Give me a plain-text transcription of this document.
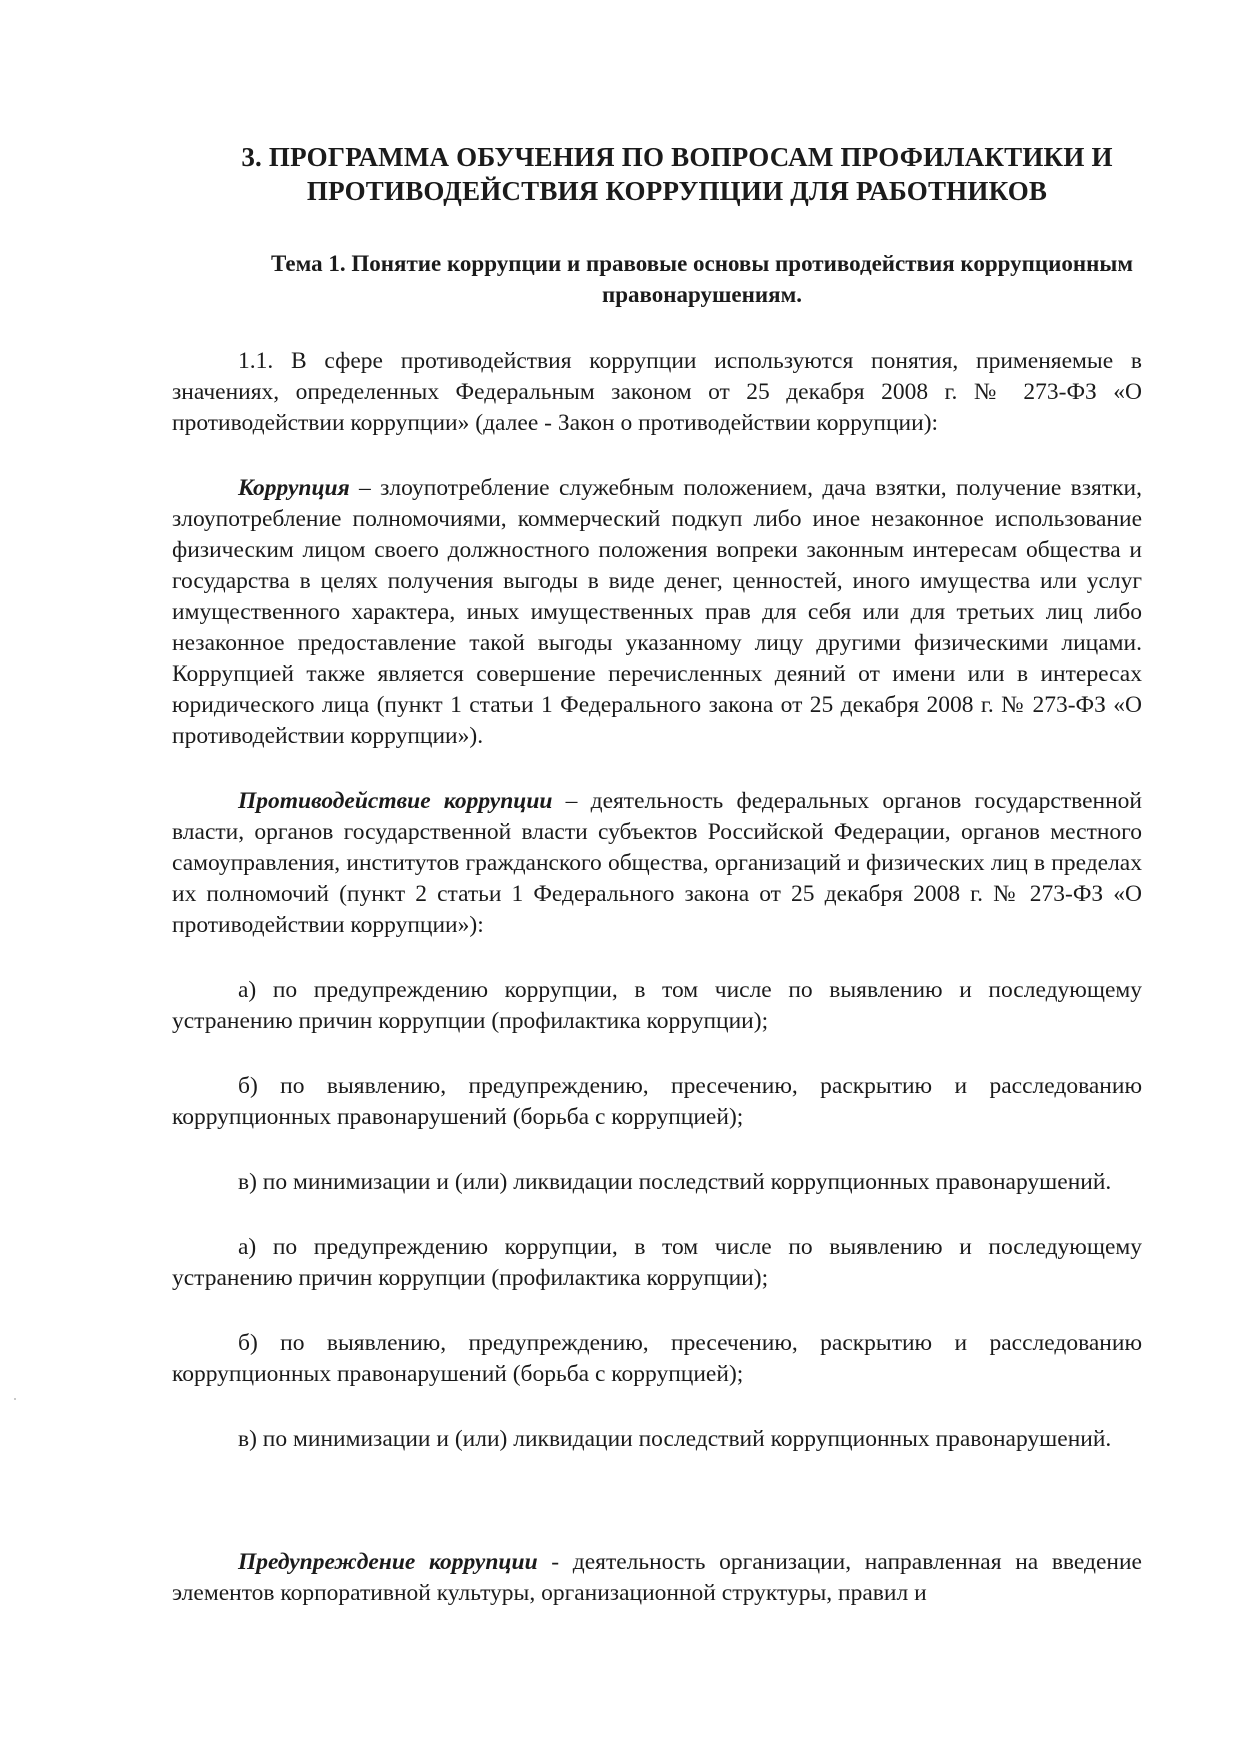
3. ПРОГРАММА ОБУЧЕНИЯ ПО ВОПРОСАМ ПРОФИЛАКТИКИ И ПРОТИВОДЕЙСТВИЯ КОРРУПЦИИ ДЛЯ РАБОТНИКОВ
Тема 1. Понятие коррупции и правовые основы противодействия коррупционным правонарушениям.

1.1. В сфере противодействия коррупции используются понятия, применяемые в значениях, определенных Федеральным законом от 25 декабря 2008 г. № 273-ФЗ «О противодействии коррупции» (далее - Закон о противодействии коррупции):

Коррупция – злоупотребление служебным положением, дача взятки, получение взятки, злоупотребление полномочиями, коммерческий подкуп либо иное незаконное использование физическим лицом своего должностного положения вопреки законным интересам общества и государства в целях получения выгоды в виде денег, ценностей, иного имущества или услуг имущественного характера, иных имущественных прав для себя или для третьих лиц либо незаконное предоставление такой выгоды указанному лицу другими физическими лицами. Коррупцией также является совершение перечисленных деяний от имени или в интересах юридического лица (пункт 1 статьи 1 Федерального закона от 25 декабря 2008 г. № 273-ФЗ «О противодействии коррупции»).

Противодействие коррупции – деятельность федеральных органов государственной власти, органов государственной власти субъектов Российской Федерации, органов местного самоуправления, институтов гражданского общества, организаций и физических лиц в пределах их полномочий (пункт 2 статьи 1 Федерального закона от 25 декабря 2008 г. № 273-ФЗ «О противодействии коррупции»):

а) по предупреждению коррупции, в том числе по выявлению и последующему устранению причин коррупции (профилактика коррупции);

б) по выявлению, предупреждению, пресечению, раскрытию и расследованию коррупционных правонарушений (борьба с коррупцией);

в) по минимизации и (или) ликвидации последствий коррупционных правонарушений.

а) по предупреждению коррупции, в том числе по выявлению и последующему устранению причин коррупции (профилактика коррупции);

б) по выявлению, предупреждению, пресечению, раскрытию и расследованию коррупционных правонарушений (борьба с коррупцией);

в) по минимизации и (или) ликвидации последствий коррупционных правонарушений.

Предупреждение коррупции - деятельность организации, направленная на введение элементов корпоративной культуры, организационной структуры, правил и
